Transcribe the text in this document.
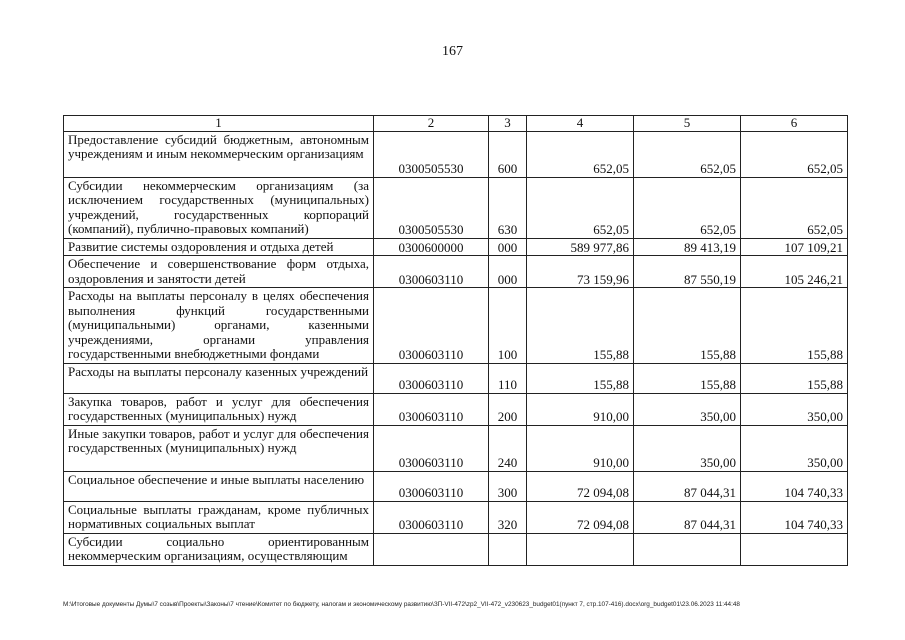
167
1	2	3	4	5	6
Предоставление субсидий бюджетным, автономным учреждениям и иным некоммерческим организациям	0300505530	600	652,05	652,05	652,05
Субсидии некоммерческим организациям (за исключением государственных (муниципальных) учреждений, государственных корпораций (компаний), публично-правовых компаний)	0300505530	630	652,05	652,05	652,05
Развитие системы оздоровления и отдыха детей	0300600000	000	589 977,86	89 413,19	107 109,21
Обеспечение и совершенствование форм отдыха, оздоровления и занятости детей	0300603110	000	73 159,96	87 550,19	105 246,21
Расходы на выплаты персоналу в целях обеспечения выполнения функций государственными (муниципальными) органами, казенными учреждениями, органами управления государственными внебюджетными фондами	0300603110	100	155,88	155,88	155,88
Расходы на выплаты персоналу казенных учреждений	0300603110	110	155,88	155,88	155,88
Закупка товаров, работ и услуг для обеспечения государственных (муниципальных) нужд	0300603110	200	910,00	350,00	350,00
Иные закупки товаров, работ и услуг для обеспечения государственных (муниципальных) нужд	0300603110	240	910,00	350,00	350,00
Социальное обеспечение и иные выплаты населению	0300603110	300	72 094,08	87 044,31	104 740,33
Социальные выплаты гражданам, кроме публичных нормативных социальных выплат	0300603110	320	72 094,08	87 044,31	104 740,33
Субсидии социально ориентированным некоммерческим организациям, осуществляющим					
M:\Итоговые документы Думы\7 созыв\Проекты\Законы\7 чтение\Комитет по бюджету, налогам и экономическому развитию\ЗП-VII-472\zp2_VII-472_v230623_budget01(пункт 7, стр.107-416).docx\org_budget01\23.06.2023 11:44:48
